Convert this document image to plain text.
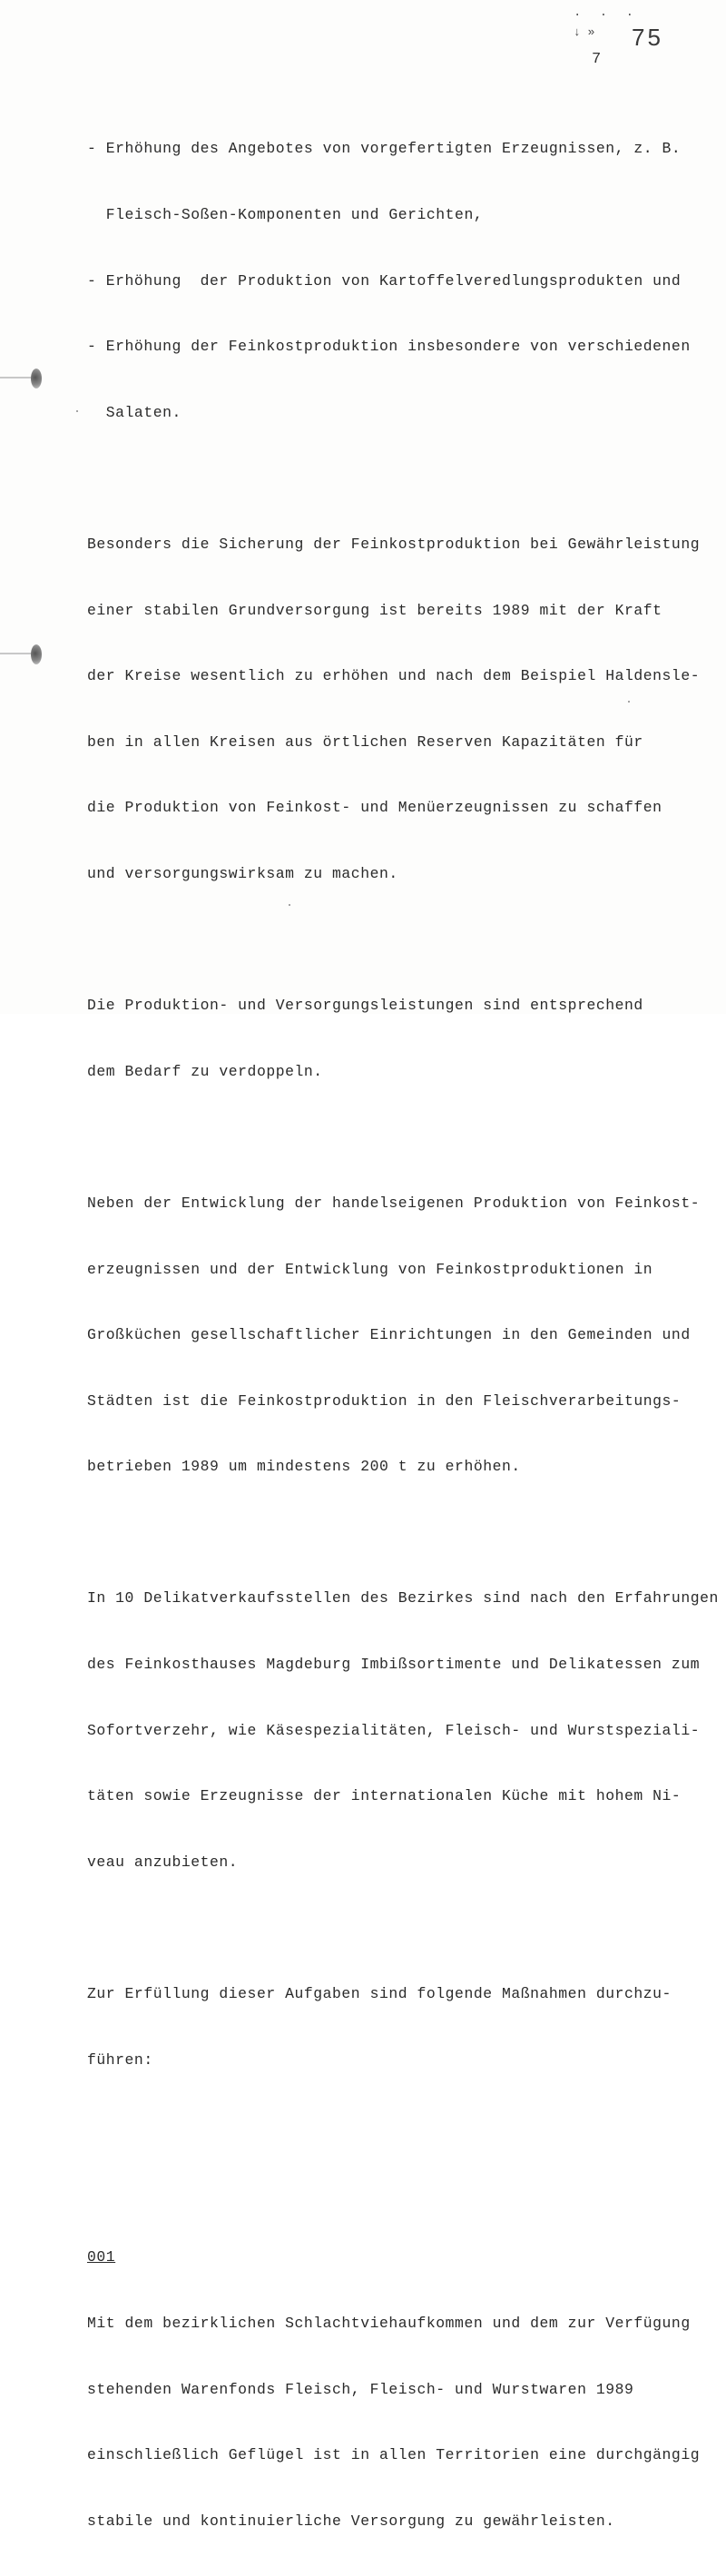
. . .
↓ » 75
7

- Erhöhung des Angebotes von vorgefertigten Erzeugnissen, z. B.

Fleisch-Soßen-Komponenten und Gerichten,

- Erhöhung  der Produktion von Kartoffelveredlungsprodukten und

- Erhöhung der Feinkostproduktion insbesondere von verschiedenen

Salaten.

Besonders die Sicherung der Feinkostproduktion bei Gewährleistung

einer stabilen Grundversorgung ist bereits 1989 mit der Kraft

der Kreise wesentlich zu erhöhen und nach dem Beispiel Haldensle-

ben in allen Kreisen aus örtlichen Reserven Kapazitäten für

die Produktion von Feinkost- und Menüerzeugnissen zu schaffen

und versorgungswirksam zu machen.

Die Produktion- und Versorgungsleistungen sind entsprechend

dem Bedarf zu verdoppeln.

Neben der Entwicklung der handelseigenen Produktion von Feinkost-

erzeugnissen und der Entwicklung von Feinkostproduktionen in

Großküchen gesellschaftlicher Einrichtungen in den Gemeinden und

Städten ist die Feinkostproduktion in den Fleischverarbeitungs-

betrieben 1989 um mindestens 200 t zu erhöhen.

In 10 Delikatverkaufsstellen des Bezirkes sind nach den Erfahrungen

des Feinkosthauses Magdeburg Imbißsortimente und Delikatessen zum

Sofortverzehr, wie Käsespezialitäten, Fleisch- und Wurstspeziali-

täten sowie Erzeugnisse der internationalen Küche mit hohem Ni-

veau anzubieten.

Zur Erfüllung dieser Aufgaben sind folgende Maßnahmen durchzu-

führen:

001

Mit dem bezirklichen Schlachtviehaufkommen und dem zur Verfügung

stehenden Warenfonds Fleisch, Fleisch- und Wurstwaren 1989

einschließlich Geflügel ist in allen Territorien eine durchgängig

stabile und kontinuierliche Versorgung zu gewährleisten.
